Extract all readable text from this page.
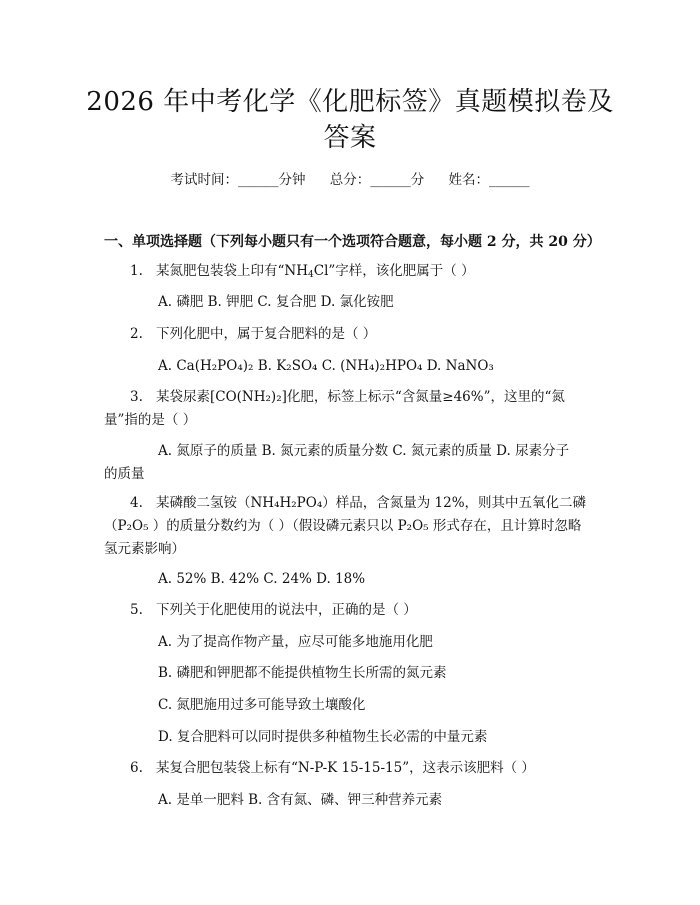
2026 年中考化学《化肥标签》真题模拟卷及
答案
考试时间：______分钟 总分：______分 姓名：______
一、单项选择题（下列每小题只有一个选项符合题意，每小题 2 分，共 20 分）
1. 某氮肥包装袋上印有“$NH_4Cl$”字样，该化肥属于（ ）
A. 磷肥 B. 钾肥 C. 复合肥 D. 氯化铵肥
2. 下列化肥中，属于复合肥料的是（ ）
A. Ca(H₂PO₄)₂ B. K₂SO₄ C. (NH₄)₂HPO₄ D. NaNO₃
3. 某袋尿素[CO(NH₂)₂]化肥，标签上标示“含氮量≥46%”，这里的“氮
量”指的是（ ）
A. 氮原子的质量 B. 氮元素的质量分数 C. 氮元素的质量 D. 尿素分子
的质量
4. 某磷酸二氢铵（NH₄H₂PO₄）样品，含氮量为 12%，则其中五氧化二磷
（P₂O₅ ）的质量分数约为（ ）（假设磷元素只以 P₂O₅ 形式存在，且计算时忽略
氢元素影响）
A. 52% B. 42% C. 24% D. 18%
5. 下列关于化肥使用的说法中，正确的是（ ）
A. 为了提高作物产量，应尽可能多地施用化肥
B. 磷肥和钾肥都不能提供植物生长所需的氮元素
C. 氮肥施用过多可能导致土壤酸化
D. 复合肥料可以同时提供多种植物生长必需的中量元素
6. 某复合肥包装袋上标有“N-P-K 15-15-15”，这表示该肥料（ ）
A. 是单一肥料 B. 含有氮、磷、钾三种营养元素
